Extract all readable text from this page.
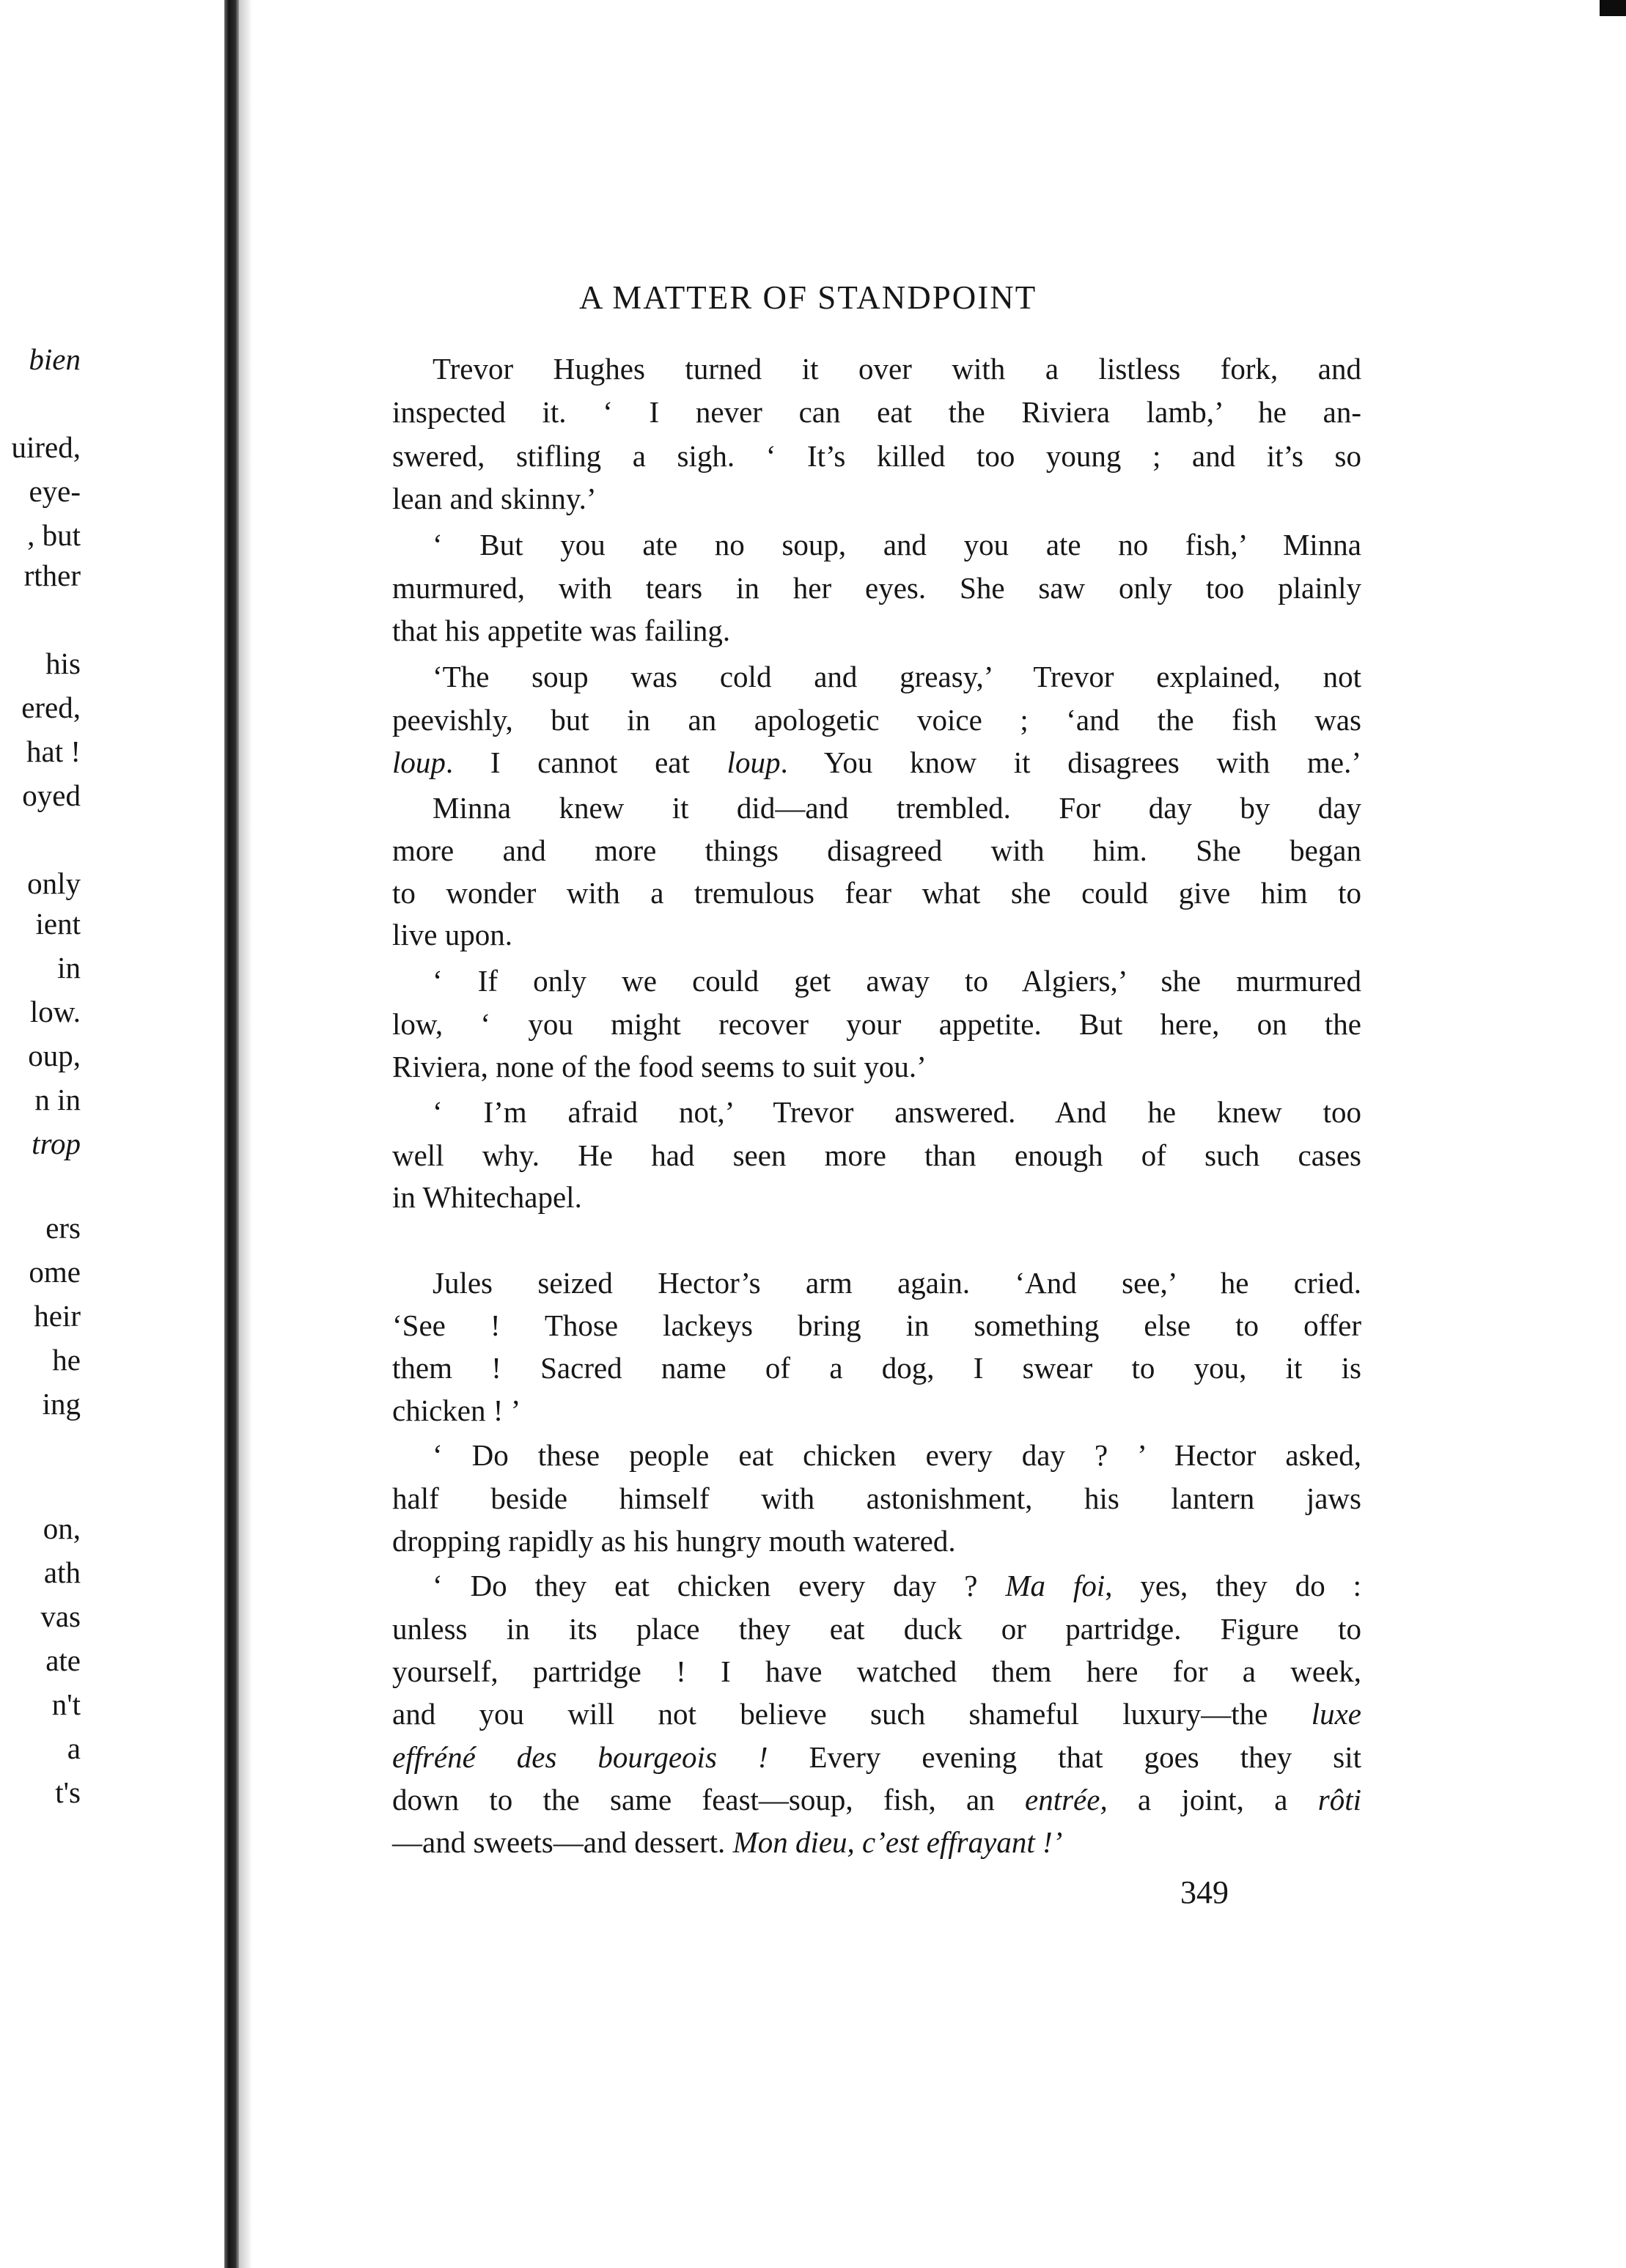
bien
uired,
eye-
, but
rther
his
ered,
hat !
oyed
only
ient
in
low.
oup,
n in
trop
ers
ome
heir
he
ing
on,
ath
vas
ate
n't
a
t's
A MATTER OF STANDPOINT
Trevor Hughes turned it over with a listless fork, and
inspected it. ‘ I never can eat the Riviera lamb,’ he an-
swered, stifling a sigh. ‘ It’s killed too young ; and it’s so
lean and skinny.’
‘ But you ate no soup, and you ate no fish,’ Minna
murmured, with tears in her eyes. She saw only too plainly
that his appetite was failing.
‘The soup was cold and greasy,’ Trevor explained, not
peevishly, but in an apologetic voice ; ‘and the fish was
loup. I cannot eat loup. You know it disagrees with me.’
Minna knew it did—and trembled. For day by day
more and more things disagreed with him. She began
to wonder with a tremulous fear what she could give him to
live upon.
‘ If only we could get away to Algiers,’ she murmured
low, ‘ you might recover your appetite. But here, on the
Riviera, none of the food seems to suit you.’
‘ I’m afraid not,’ Trevor answered. And he knew too
well why. He had seen more than enough of such cases
in Whitechapel.
Jules seized Hector’s arm again. ‘And see,’ he cried.
‘See ! Those lackeys bring in something else to offer
them ! Sacred name of a dog, I swear to you, it is
chicken ! ’
‘ Do these people eat chicken every day ? ’ Hector asked,
half beside himself with astonishment, his lantern jaws
dropping rapidly as his hungry mouth watered.
‘ Do they eat chicken every day ? Ma foi, yes, they do :
unless in its place they eat duck or partridge. Figure to
yourself, partridge ! I have watched them here for a week,
and you will not believe such shameful luxury—the luxe
effréné des bourgeois ! Every evening that goes they sit
down to the same feast—soup, fish, an entrée, a joint, a rôti
—and sweets—and dessert. Mon dieu, c’est effrayant !’
349
